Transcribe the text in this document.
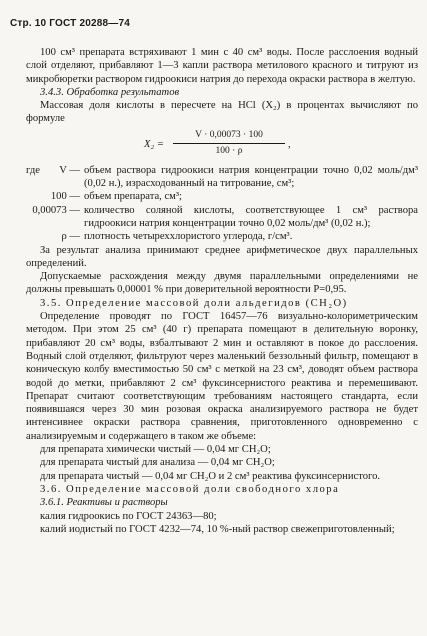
Стр. 10 ГОСТ 20288—74

100 см³ препарата встряхивают 1 мин с 40 см³ воды. После расслоения водный слой отделяют, прибавляют 1—3 капли раствора метилового красного и титруют из микробюретки раствором гидроокиси натрия до перехода окраски раствора в желтую.

3.4.3. Обработка результатов

Массовая доля кислоты в пересчете на НСl (X₂) в процентах вычисляют по формуле

$X_2 = \frac{V \cdot 0,00073 \cdot 100}{100 \cdot \rho}$ ,
где	V — объем раствора гидроокиси натрия концентрации точно 0,02 моль/дм³ (0,02 н.), израсходованный на титрование, см³;
100 — объем препарата, см³;
0,00073 — количество соляной кислоты, соответствующее 1 см³ раствора гидроокиси натрия концентрации точно 0,02 моль/дм³ (0,02 н.);
ρ — плотность четыреххлористого углерода, г/см³.

За результат анализа принимают среднее арифметическое двух параллельных определений.

Допускаемые расхождения между двумя параллельными определениями не должны превышать 0,00001 % при доверительной вероятности P=0,95.

3.5. Определение массовой доли альдегидов (CH₂O)

Определение проводят по ГОСТ 16457—76 визуально-колориметрическим методом. При этом 25 см³ (40 г) препарата помещают в делительную воронку, прибавляют 20 см³ воды, взбалтывают 2 мин и оставляют в покое до расслоения. Водный слой отделяют, фильтруют через маленький беззольный фильтр, помещают в коническую колбу вместимостью 50 см³ с меткой на 23 см³, доводят объем раствора водой до метки, прибавляют 2 см³ фуксинсернистого реактива и перемешивают. Препарат считают соответствующим требованиям настоящего стандарта, если появившаяся через 30 мин розовая окраска анализируемого раствора не будет интенсивнее окраски раствора сравнения, приготовленного одновременно с анализируемым и содержащего в таком же объеме:

для препарата химически чистый — 0,04 мг CH₂O;

для препарата чистый для анализа — 0,04 мг CH₂O;

для препарата чистый — 0,04 мг CH₂O и 2 см³ реактива фуксинсернистого.

3.6. Определение массовой доли свободного хлора

3.6.1. Реактивы и растворы

калия гидроокись по ГОСТ 24363—80;

калий иодистый по ГОСТ 4232—74, 10 %-ный раствор свежеприготовленный;
